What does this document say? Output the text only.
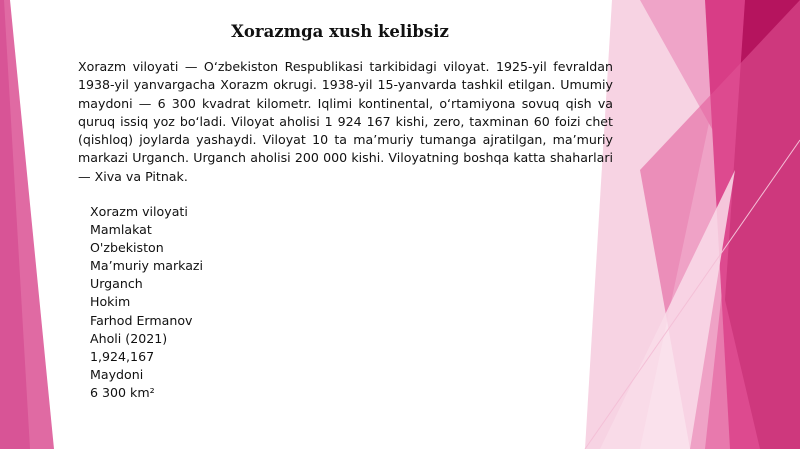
Xorazmga xush kelibsiz
Xorazm viloyati — O‘zbekiston Respublikasi tarkibidagi viloyat. 1925-yil fevraldan 1938-yil yanvargacha Xorazm okrugi. 1938-yil 15-yanvarda tashkil etilgan. Umumiy maydoni — 6 300 kvadrat kilometr. Iqlimi kontinental, oʻrtamiyona sovuq qish va quruq issiq yoz bo‘ladi. Viloyat aholisi 1 924 167 kishi, zero, taxminan 60 foizi chet (qishloq) joylarda yashaydi. Viloyat 10 ta ma’muriy tumanga ajratilgan, ma’muriy markazi Urganch. Urganch aholisi 200 000 kishi. Viloyatning boshqa katta shaharlari — Xiva va Pitnak.
Xorazm viloyati
Mamlakat
O'zbekiston
Ma’muriy markazi
Urganch
Hokim
Farhod Ermanov
Aholi (2021)
1,924,167
Maydoni
6 300 km²
